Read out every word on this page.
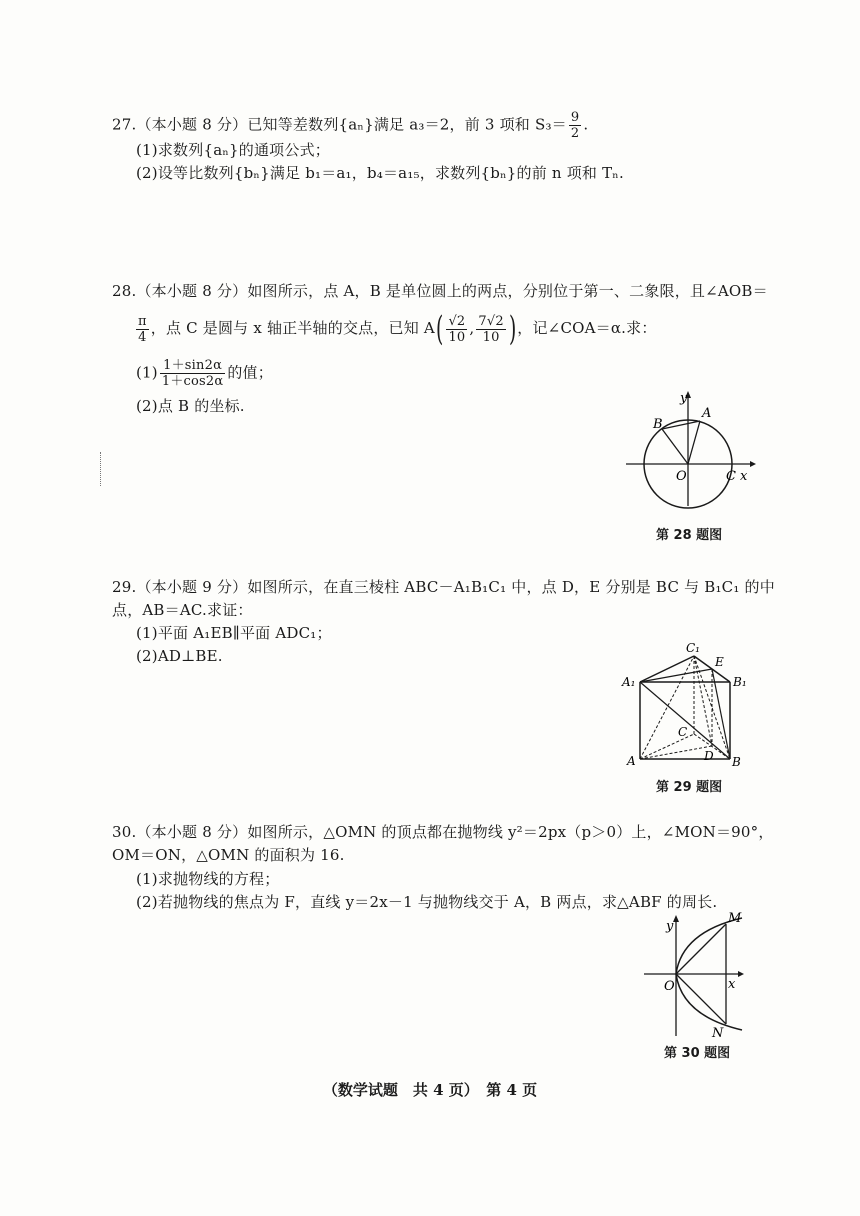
27.（本小题 8 分）已知等差数列{aₙ}满足 a₃＝2，前 3 项和 $S_3= \frac{9}{2}$ .
(1)求数列{aₙ}的通项公式；
(2)设等比数列{bₙ}满足 b₁＝a₁，b₄＝a₁₅，求数列{bₙ}的前 n 项和 Tₙ.
28.（本小题 8 分）如图所示，点 A，B 是单位圆上的两点，分别位于第一、二象限，且∠AOB＝
$\frac{\pi}{4}$ ，点 C 是圆与 x 轴正半轴的交点，已知 $A( \frac{√2}{10}$ , $\frac{7√2}{10}$ )，记∠COA＝α.求：
$(1) \frac{1+\sin 2\alpha}{1+\cos 2\alpha}$ 的值；
(2)点 B 的坐标.	y
A
B
O	C x
第 28 题图
29.（本小题 9 分）如图所示，在直三棱柱 ABC－A₁B₁C₁ 中，点 D，E 分别是 BC 与 B₁C₁ 的中
点，AB＝AC.求证：
(1)平面 A₁EB∥平面 ADC₁；
(2)AD⊥BE.	C₁
E
A₁	B₁
C
A	D B
第 29 题图
30.（本小题 8 分）如图所示，△OMN 的顶点都在抛物线 y²＝2px（p＞0）上，∠MON＝90°，
OM＝ON，△OMN 的面积为 16.
(1)求抛物线的方程；
(2)若抛物线的焦点为 F，直线 y＝2x－1 与抛物线交于 A，B 两点，求△ABF 的周长.
y
M
O	x
N
第 30 题图
（数学试题　共 4 页）　第 4 页
